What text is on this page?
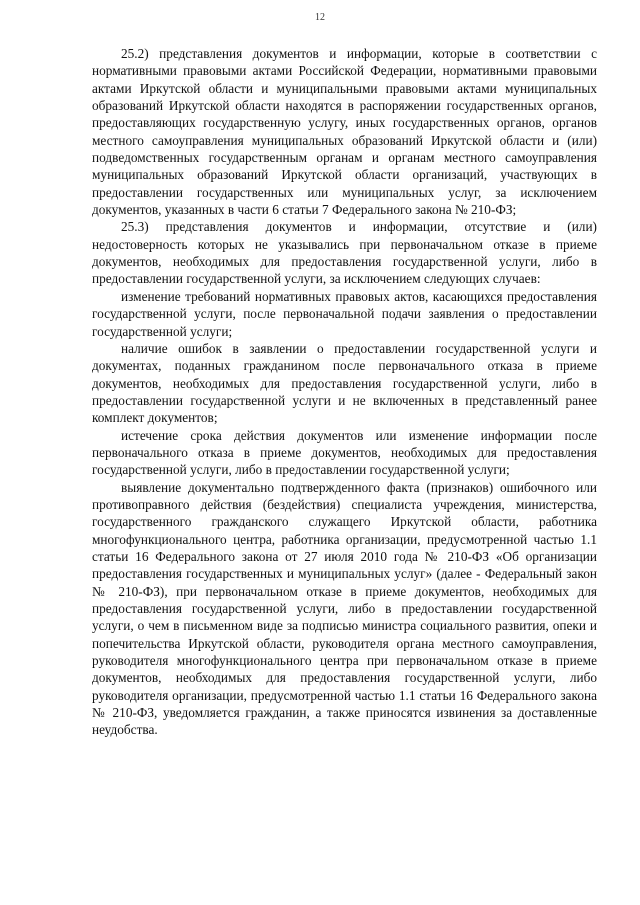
12

25.2) представления документов и информации, которые в соответствии с нормативными правовыми актами Российской Федерации, нормативными правовыми актами Иркутской области и муниципальными правовыми актами муниципальных образований Иркутской области находятся в распоряжении государственных органов, предоставляющих государственную услугу, иных государственных органов, органов местного самоуправления муниципальных образований Иркутской области и (или) подведомственных государственным органам и органам местного самоуправления муниципальных образований Иркутской области организаций, участвующих в предоставлении государственных или муниципальных услуг, за исключением документов, указанных в части 6 статьи 7 Федерального закона № 210-ФЗ;

25.3) представления документов и информации, отсутствие и (или) недостоверность которых не указывались при первоначальном отказе в приеме документов, необходимых для предоставления государственной услуги, либо в предоставлении государственной услуги, за исключением следующих случаев:

изменение требований нормативных правовых актов, касающихся предоставления государственной услуги, после первоначальной подачи заявления о предоставлении государственной услуги;

наличие ошибок в заявлении о предоставлении государственной услуги и документах, поданных гражданином после первоначального отказа в приеме документов, необходимых для предоставления государственной услуги, либо в предоставлении государственной услуги и не включенных в представленный ранее комплект документов;

истечение срока действия документов или изменение информации после первоначального отказа в приеме документов, необходимых для предоставления государственной услуги, либо в предоставлении государственной услуги;

выявление документально подтвержденного факта (признаков) ошибочного или противоправного действия (бездействия) специалиста учреждения, министерства, государственного гражданского служащего Иркутской области, работника многофункционального центра, работника организации, предусмотренной частью 1.1 статьи 16 Федерального закона от 27 июля 2010 года № 210-ФЗ «Об организации предоставления государственных и муниципальных услуг» (далее - Федеральный закон № 210-ФЗ), при первоначальном отказе в приеме документов, необходимых для предоставления государственной услуги, либо в предоставлении государственной услуги, о чем в письменном виде за подписью министра социального развития, опеки и попечительства Иркутской области, руководителя органа местного самоуправления, руководителя многофункционального центра при первоначальном отказе в приеме документов, необходимых для предоставления государственной услуги, либо руководителя организации, предусмотренной частью 1.1 статьи 16 Федерального закона № 210-ФЗ, уведомляется гражданин, а также приносятся извинения за доставленные неудобства.
